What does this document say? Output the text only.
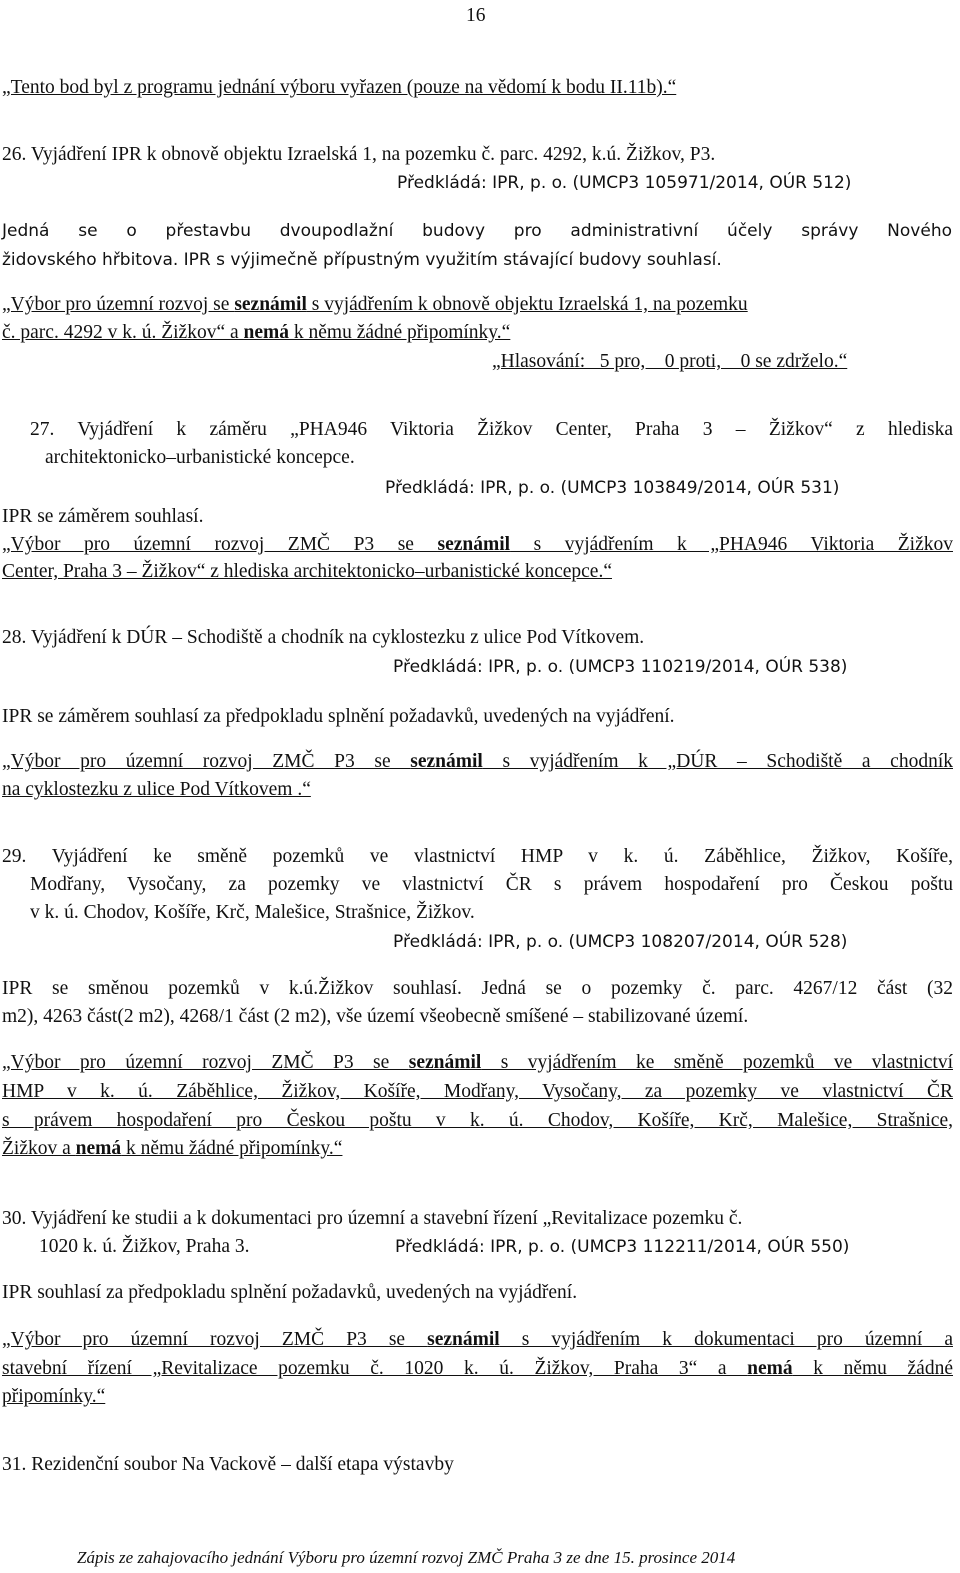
16
„Tento bod byl z programu jednání výboru vyřazen (pouze na vědomí k bodu II.11b).“
26. Vyjádření IPR k obnově objektu Izraelská 1, na pozemku č. parc. 4292, k.ú. Žižkov, P3.
Předkládá: IPR, p. o. (UMCP3 105971/2014, OÚR 512)
Jedná se o přestavbu dvoupodlažní budovy pro administrativní účely správy Nového
židovského hřbitova. IPR s výjimečně přípustným využitím stávající budovy souhlasí.
„Výbor pro územní rozvoj se seznámil s vyjádřením k obnově objektu Izraelská 1, na pozemku
č. parc. 4292 v k. ú. Žižkov“ a nemá k němu žádné připomínky.“
„Hlasování:   5 pro,    0 proti,    0 se zdrželo.“
27. Vyjádření k záměru „PHA946 Viktoria Žižkov Center, Praha 3 – Žižkov“ z hlediska
architektonicko–urbanistické koncepce.
Předkládá: IPR, p. o. (UMCP3 103849/2014, OÚR 531)
IPR se záměrem souhlasí.
„Výbor pro územní rozvoj ZMČ P3 se seznámil s vyjádřením k „PHA946 Viktoria Žižkov
Center, Praha 3 – Žižkov“ z hlediska architektonicko–urbanistické koncepce.“
28. Vyjádření k DÚR – Schodiště a chodník na cyklostezku z ulice Pod Vítkovem.
Předkládá: IPR, p. o. (UMCP3 110219/2014, OÚR 538)
IPR se záměrem souhlasí za předpokladu splnění požadavků, uvedených na vyjádření.
„Výbor pro územní rozvoj ZMČ P3 se seznámil s vyjádřením k „DÚR – Schodiště a chodník
na cyklostezku z ulice Pod Vítkovem .“
29. Vyjádření ke směně pozemků ve vlastnictví HMP v k. ú. Záběhlice, Žižkov, Košíře,
Modřany, Vysočany, za pozemky ve vlastnictví ČR s právem hospodaření pro Českou poštu
v k. ú. Chodov, Košíře, Krč, Malešice, Strašnice, Žižkov.
Předkládá: IPR, p. o. (UMCP3 108207/2014, OÚR 528)
IPR se směnou pozemků v k.ú.Žižkov souhlasí. Jedná se o pozemky č. parc. 4267/12 část (32
m2), 4263 část(2 m2), 4268/1 část (2 m2), vše území všeobecně smíšené – stabilizované území.
„Výbor pro územní rozvoj ZMČ P3 se seznámil s vyjádřením ke směně pozemků ve vlastnictví
HMP v k. ú. Záběhlice, Žižkov, Košíře, Modřany, Vysočany, za pozemky ve vlastnictví ČR
s právem hospodaření pro Českou poštu v k. ú. Chodov, Košíře, Krč, Malešice, Strašnice,
Žižkov a nemá k němu žádné připomínky.“
30. Vyjádření ke studii a k dokumentaci pro územní a stavební řízení „Revitalizace pozemku č.
1020 k. ú. Žižkov, Praha 3.	Předkládá: IPR, p. o. (UMCP3 112211/2014, OÚR 550)
IPR souhlasí za předpokladu splnění požadavků, uvedených na vyjádření.
„Výbor pro územní rozvoj ZMČ P3 se seznámil s vyjádřením k dokumentaci pro územní a
stavební řízení „Revitalizace pozemku č. 1020 k. ú. Žižkov, Praha 3“ a nemá k němu žádné
připomínky.“
31. Rezidenční soubor Na Vackově – další etapa výstavby
Zápis ze zahajovacího jednání Výboru pro územní rozvoj ZMČ Praha 3 ze dne 15. prosince 2014
